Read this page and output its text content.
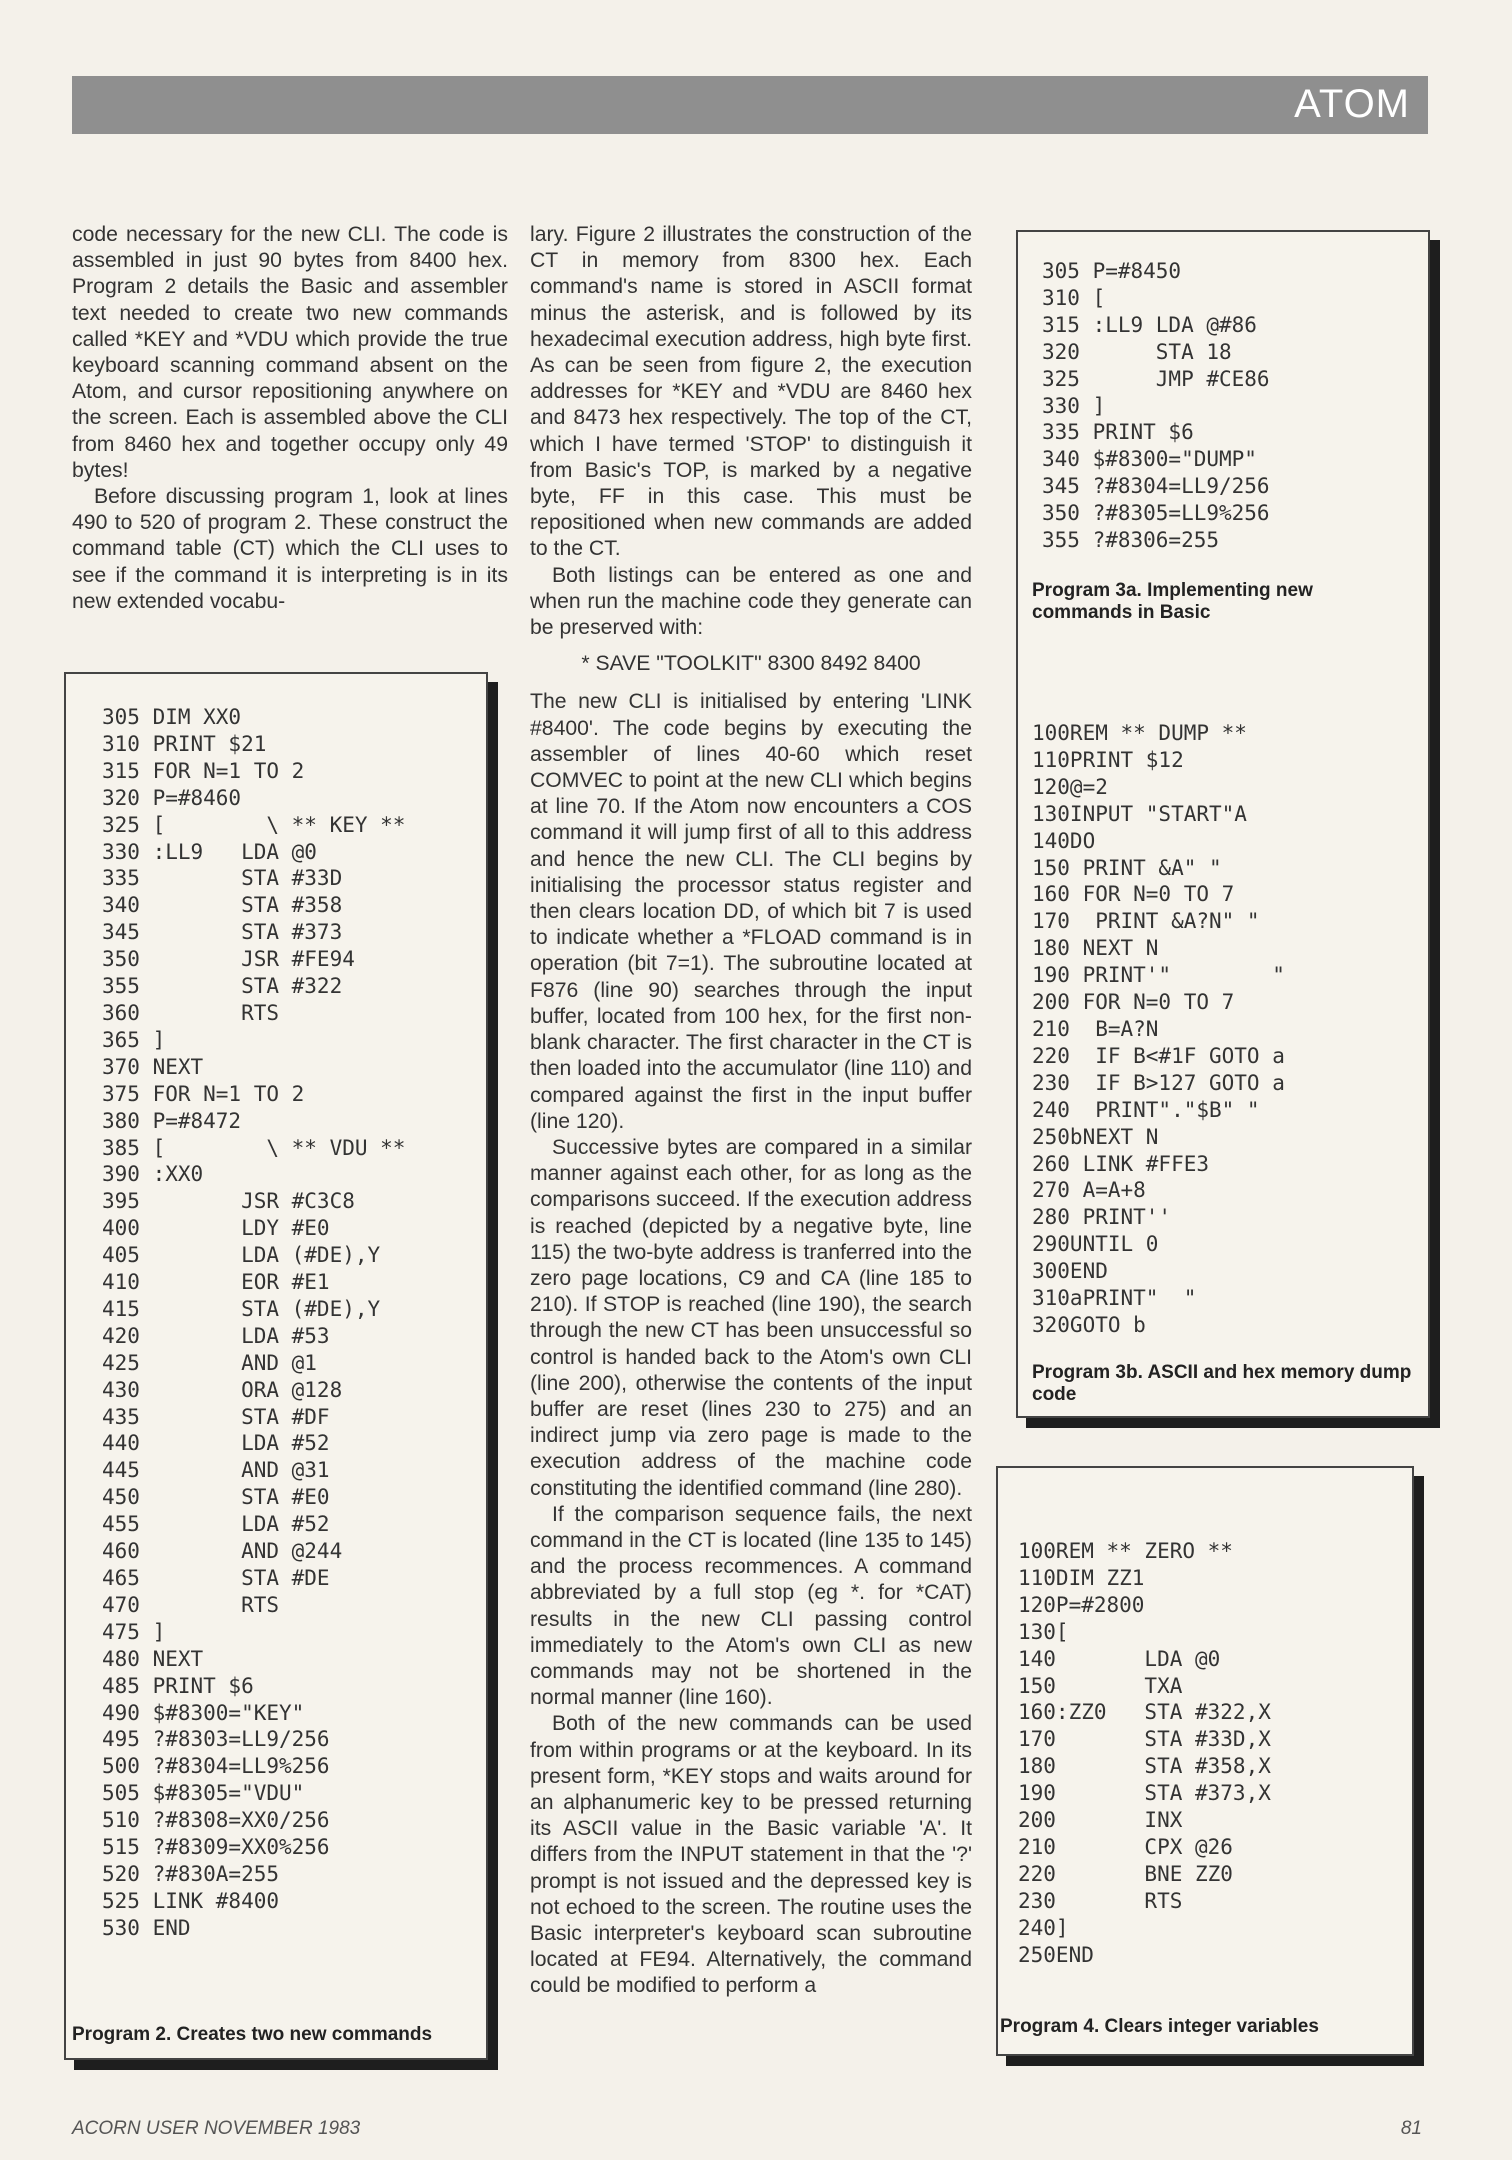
ATOM

code necessary for the new CLI. The code is assembled in just 90 bytes from 8400 hex. Program 2 details the Basic and assembler text needed to create two new commands called *KEY and *VDU which provide the true keyboard scanning command absent on the Atom, and cursor repositioning anywhere on the screen. Each is assembled above the CLI from 8460 hex and together occupy only 49 bytes!

Before discussing program 1, look at lines 490 to 520 of program 2. These construct the command table (CT) which the CLI uses to see if the command it is interpreting is in its new extended vocabu-

lary. Figure 2 illustrates the construction of the CT in memory from 8300 hex. Each command's name is stored in ASCII format minus the asterisk, and is followed by its hexadecimal execution address, high byte first. As can be seen from figure 2, the execution addresses for *KEY and *VDU are 8460 hex and 8473 hex respectively. The top of the CT, which I have termed 'STOP' to distinguish it from Basic's TOP, is marked by a negative byte, FF in this case. This must be repositioned when new commands are added to the CT.

Both listings can be entered as one and when run the machine code they generate can be preserved with:

* SAVE "TOOLKIT" 8300 8492 8400

The new CLI is initialised by entering 'LINK #8400'. The code begins by executing the assembler of lines 40-60 which reset COMVEC to point at the new CLI which begins at line 70. If the Atom now encounters a COS command it will jump first of all to this address and hence the new CLI. The CLI begins by initialising the processor status register and then clears location DD, of which bit 7 is used to indicate whether a *FLOAD command is in operation (bit 7=1). The subroutine located at F876 (line 90) searches through the input buffer, located from 100 hex, for the first non-blank character. The first character in the CT is then loaded into the accumulator (line 110) and compared against the first in the input buffer (line 120).

Successive bytes are compared in a similar manner against each other, for as long as the comparisons succeed. If the execution address is reached (depicted by a negative byte, line 115) the two-byte address is tranferred into the zero page locations, C9 and CA (line 185 to 210). If STOP is reached (line 190), the search through the new CT has been unsuccessful so control is handed back to the Atom's own CLI (line 200), otherwise the contents of the input buffer are reset (lines 230 to 275) and an indirect jump via zero page is made to the execution address of the machine code constituting the identified command (line 280).

If the comparison sequence fails, the next command in the CT is located (line 135 to 145) and the process recommences. A command abbreviated by a full stop (eg *. for *CAT) results in the new CLI passing control immediately to the Atom's own CLI as new commands may not be shortened in the normal manner (line 160).

Both of the new commands can be used from within programs or at the keyboard. In its present form, *KEY stops and waits around for an alphanumeric key to be pressed returning its ASCII value in the Basic variable 'A'. It differs from the INPUT statement in that the '?' prompt is not issued and the depressed key is not echoed to the screen. The routine uses the Basic interpreter's keyboard scan subroutine located at FE94. Alternatively, the command could be modified to perform a

305 DIM XX0
310 PRINT $21
315 FOR N=1 TO 2
320 P=#8460
325 [        \ ** KEY **
330 :LL9   LDA @0
335        STA #33D
340        STA #358
345        STA #373
350        JSR #FE94
355        STA #322
360        RTS
365 ]
370 NEXT
375 FOR N=1 TO 2
380 P=#8472
385 [        \ ** VDU **
390 :XX0
395        JSR #C3C8
400        LDY #E0
405        LDA (#DE),Y
410        EOR #E1
415        STA (#DE),Y
420        LDA #53
425        AND @1
430        ORA @128
435        STA #DF
440        LDA #52
445        AND @31
450        STA #E0
455        LDA #52
460        AND @244
465        STA #DE
470        RTS
475 ]
480 NEXT
485 PRINT $6
490 $#8300="KEY"
495 ?#8303=LL9/256
500 ?#8304=LL9%256
505 $#8305="VDU"
510 ?#8308=XX0/256
515 ?#8309=XX0%256
520 ?#830A=255
525 LINK #8400
530 END
Program 2. Creates two new commands
305 P=#8450
310 [
315 :LL9 LDA @#86
320      STA 18
325      JMP #CE86
330 ]
335 PRINT $6
340 $#8300="DUMP"
345 ?#8304=LL9/256
350 ?#8305=LL9%256
355 ?#8306=255
Program 3a. Implementing new commands in Basic
100REM ** DUMP **
110PRINT $12
120@=2
130INPUT "START"A
140DO
150 PRINT &A" "
160 FOR N=0 TO 7
170  PRINT &A?N" "
180 NEXT N
190 PRINT'"        "
200 FOR N=0 TO 7
210  B=A?N
220  IF B<#1F GOTO a
230  IF B>127 GOTO a
240  PRINT"."$B" "
250bNEXT N
260 LINK #FFE3
270 A=A+8
280 PRINT''
290UNTIL 0
300END
310aPRINT"  "
320GOTO b
Program 3b. ASCII and hex memory dump code
100REM ** ZERO **
110DIM ZZ1
120P=#2800
130[
140       LDA @0
150       TXA
160:ZZ0   STA #322,X
170       STA #33D,X
180       STA #358,X
190       STA #373,X
200       INX
210       CPX @26
220       BNE ZZ0
230       RTS
240]
250END
Program 4. Clears integer variables
ACORN USER NOVEMBER 1983	81
